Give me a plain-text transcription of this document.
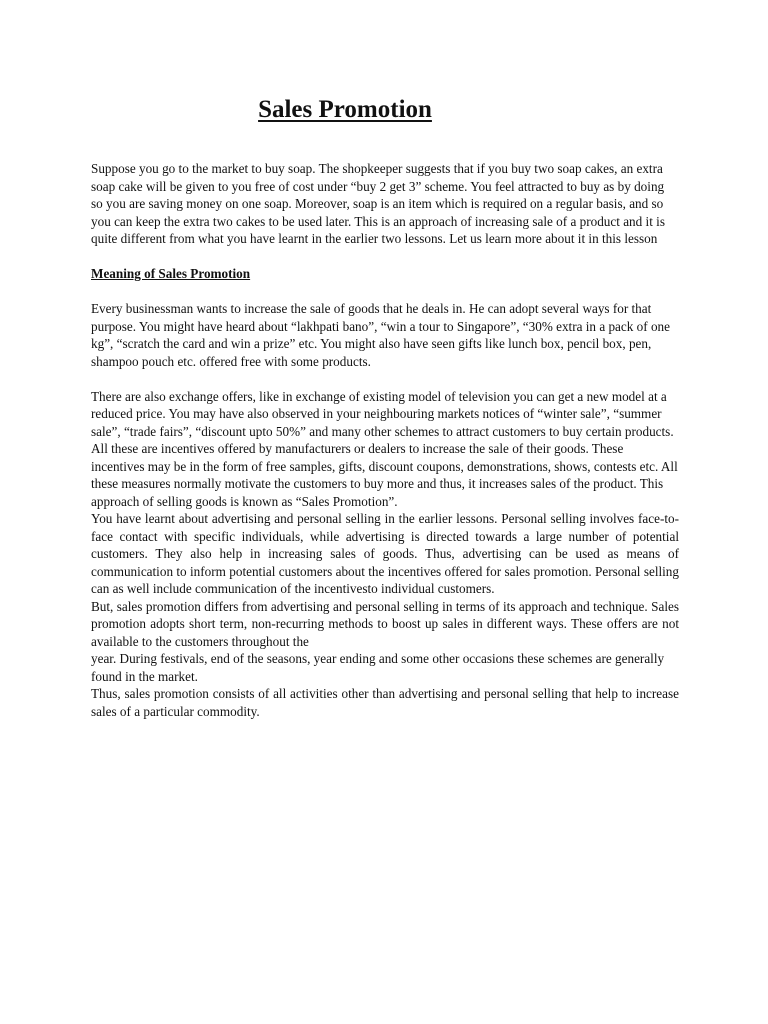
Sales Promotion

Suppose you go to the market to buy soap. The shopkeeper suggests that if you buy two soap cakes, an extra soap cake will be given to you free of cost under “buy 2 get 3” scheme. You feel attracted to buy as by doing so you are saving money on one soap. Moreover, soap is an item which is required on a regular basis, and so you can keep the extra two cakes to be used later. This is an approach of increasing sale of a product and it is quite different from what you have learnt in the earlier two lessons. Let us learn more about it in this lesson

Meaning of Sales Promotion

Every businessman wants to increase the sale of goods that he deals in. He can adopt several ways for that purpose. You might have heard about “lakhpati bano”, “win a tour to Singapore”, “30% extra in a pack of one kg”, “scratch the card and win a prize” etc. You might also have seen gifts like lunch box, pencil box, pen, shampoo pouch etc. offered free with some products.

There are also exchange offers, like in exchange of existing model of television you can get a new model at a reduced price. You may have also observed in your neighbouring markets notices of “winter sale”, “summer sale”, “trade fairs”, “discount upto 50%” and many other schemes to attract customers to buy certain products. All these are incentives offered by manufacturers or dealers to increase the sale of their goods. These incentives may be in the form of free samples, gifts, discount coupons, demonstrations, shows, contests etc. All these measures normally motivate the customers to buy more and thus, it increases sales of the product. This approach of selling goods is known as “Sales Promotion”.

You have learnt about advertising and personal selling in the earlier lessons. Personal selling involves face-to-face contact with specific individuals, while advertising is directed towards a large number of potential customers. They also help in increasing sales of goods. Thus, advertising can be used as means of communication to inform potential customers about the incentives offered for sales promotion. Personal selling can as well include communication of the incentivesto individual customers.

But, sales promotion differs from advertising and personal selling in terms of its approach and technique. Sales promotion adopts short term, non-recurring methods to boost up sales in different ways. These offers are not available to the customers throughout the

year. During festivals, end of the seasons, year ending and some other occasions these schemes are generally found in the market.

Thus, sales promotion consists of all activities other than advertising and personal selling that help to increase sales of a particular commodity.
